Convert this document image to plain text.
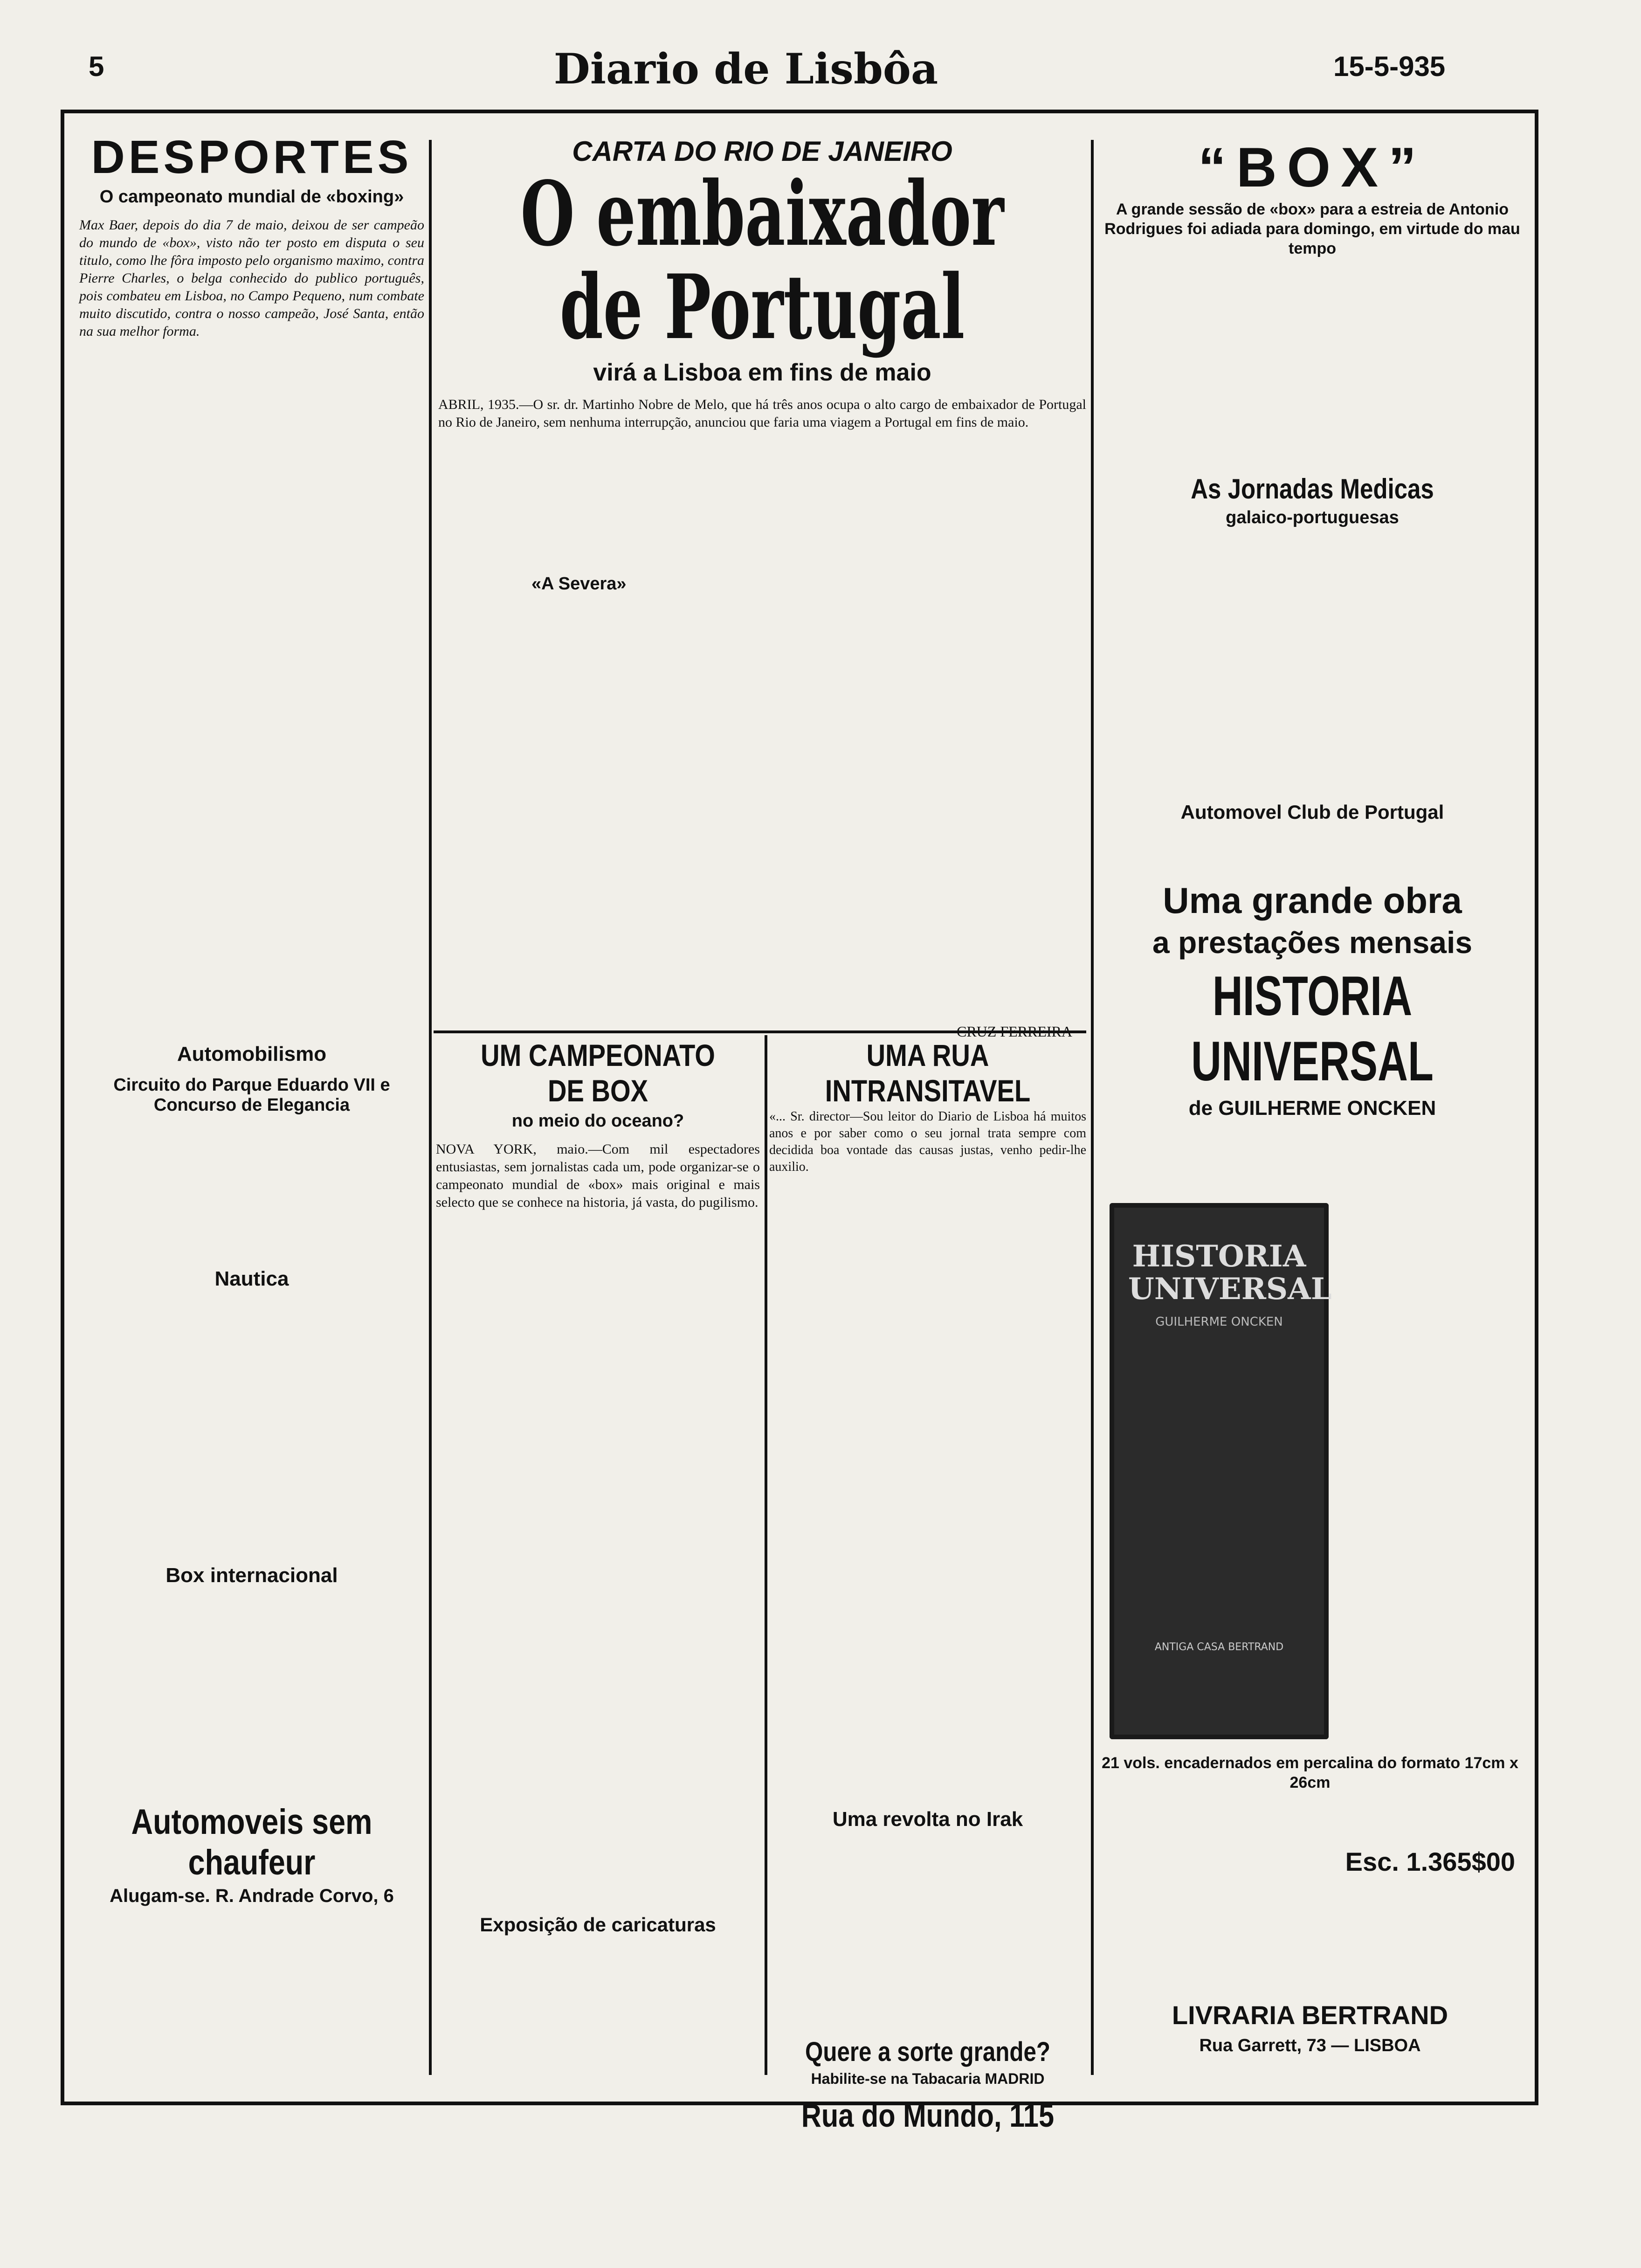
5	Diario de Lisbôa	15-5-935
DESPORTES
O campeonato mundial de «boxing»

Max Baer, depois do dia 7 de maio, deixou de ser campeão do mundo de «box», visto não ter posto em disputa o seu titulo, como lhe fôra imposto pelo organismo maximo, contra Pierre Charles, o belga conhecido do publico português, pois combateu em Lisboa, no Campo Pequeno, num combate muito discutido, contra o nosso campeão, José Santa, então na sua melhor forma.

Automobilismo
Circuito do Parque Eduardo VII e Concurso de Elegancia
Nautica
Box internacional
Automoveis sem chaufeur
Alugam-se. R. Andrade Corvo, 6
CARTA DO RIO DE JANEIRO
O embaixador de Portugal
virá a Lisboa em fins de maio

ABRIL, 1935.—O sr. dr. Martinho Nobre de Melo, que há três anos ocupa o alto cargo de embaixador de Portugal no Rio de Janeiro, sem nenhuma interrupção, anunciou que faria uma viagem a Portugal em fins de maio.

«A Severa»
CRUZ FERREIRA
UM CAMPEONATO DE BOX
no meio do oceano?

NOVA YORK, maio.—Com mil espectadores entusiastas, sem jornalistas cada um, pode organizar-se o campeonato mundial de «box» mais original e mais selecto que se conhece na historia, já vasta, do pugilismo.

Exposição de caricaturas
UMA RUA INTRANSITAVEL

«... Sr. director—Sou leitor do Diario de Lisboa há muitos anos e por saber como o seu jornal trata sempre com decidida boa vontade das causas justas, venho pedir-lhe auxilio.

Uma revolta no Irak
Quere a sorte grande?
Habilite-se na Tabacaria MADRID
Rua do Mundo, 115
“BOX”
A grande sessão de «box» para a estreia de Antonio Rodrigues foi adiada para domingo, em virtude do mau tempo
As Jornadas Medicas
galaico-portuguesas
Automovel Club de Portugal
Uma grande obra
a prestações mensais
HISTORIA UNIVERSAL
de GUILHERME ONCKEN
HISTORIA UNIVERSAL
GUILHERME ONCKEN
ANTIGA CASA BERTRAND
21 vols. encadernados em percalina do formato 17cm x 26cm
Esc. 1.365$00
LIVRARIA BERTRAND
Rua Garrett, 73 — LISBOA
